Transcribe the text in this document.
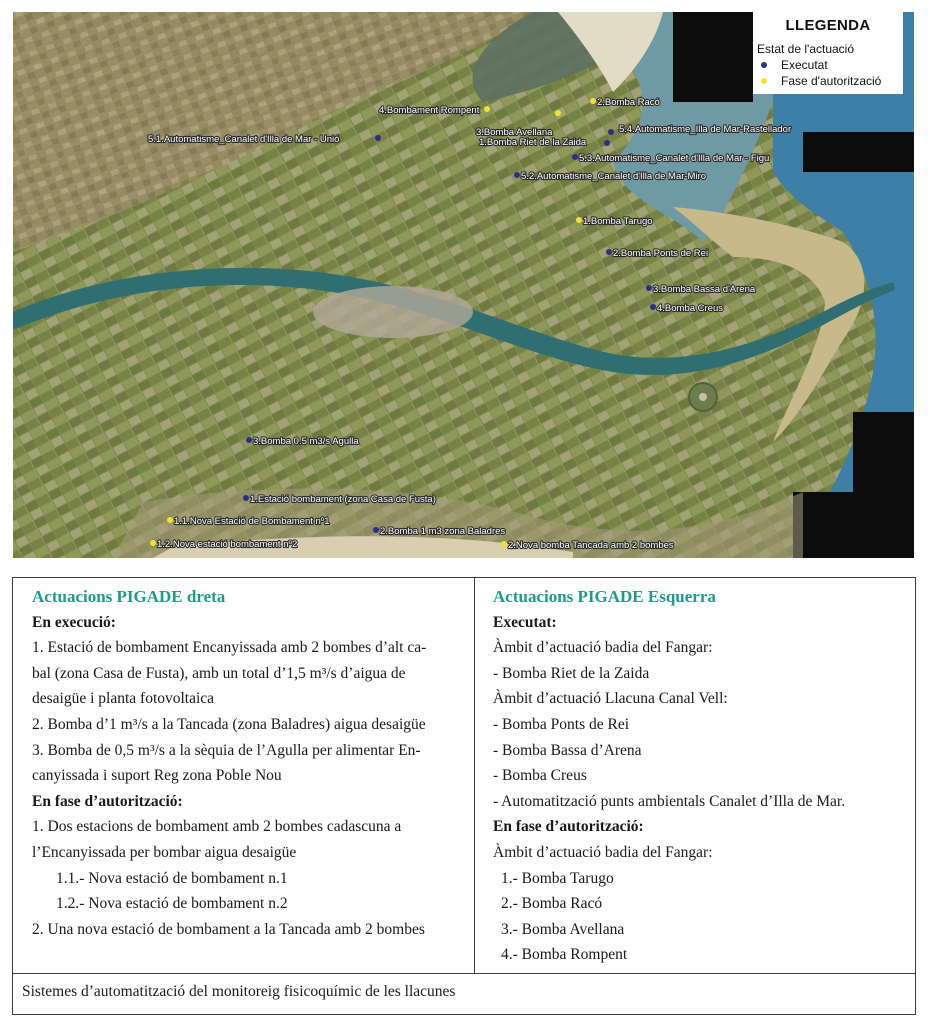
4.Bombament Rompent
2.Bomba Racó
3.Bomba Avellana
1.Bomba Riet de la Zaida
5.4.Automatisme_Illa de Mar-Rastellador
5.1.Automatisme_Canalet d'Illa de Mar - Unió
5.3.Automatisme_Canalet d'Illa de Mar - Figu
5.2.Automatisme_Canalet d'Illa de Mar-Miro
1.Bomba Tarugo
2.Bomba Ponts de Rei
3.Bomba Bassa d'Arena
4.Bomba Creus
3.Bomba 0.5 m3/s Agulla
1.Estació bombament (zona Casa de Fusta)
1.1.Nova Estació de Bombament nº1
2.Bomba 1 m3 zona Baladres
1.2.Nova estació bombament nº2	2.Nova bomba Tancada amb 2 bombes
LLEGENDA
Estat de l'actuació
Executat
Fase d'autorització
Actuacions PIGADE dreta
En execució:
1. Estació de bombament Encanyissada amb 2 bombes d’alt ca-
bal (zona Casa de Fusta), amb un total d’1,5 m³/s d’aigua de
desaigüe i planta fotovoltaica
2. Bomba d’1 m³/s a la Tancada (zona Baladres) aigua desaigüe
3. Bomba de 0,5 m³/s a la sèquia de l’Agulla per alimentar En-
canyissada i suport Reg zona Poble Nou
En fase d’autorització:
1. Dos estacions de bombament amb 2 bombes cadascuna a
l’Encanyissada per bombar aigua desaigüe
1.1.- Nova estació de bombament n.1
1.2.- Nova estació de bombament n.2
2. Una nova estació de bombament a la Tancada amb 2 bombes
Actuacions PIGADE Esquerra
Executat:
Àmbit d’actuació badia del Fangar:
- Bomba Riet de la Zaida
Àmbit d’actuació Llacuna Canal Vell:
- Bomba Ponts de Rei
- Bomba Bassa d’Arena
- Bomba Creus
- Automatització punts ambientals Canalet d’Illa de Mar.
En fase d’autorització:
Àmbit d’actuació badia del Fangar:
1.- Bomba Tarugo
2.- Bomba Racó
3.- Bomba Avellana
4.- Bomba Rompent
Sistemes d’automatització del monitoreig fisicoquímic de les llacunes
